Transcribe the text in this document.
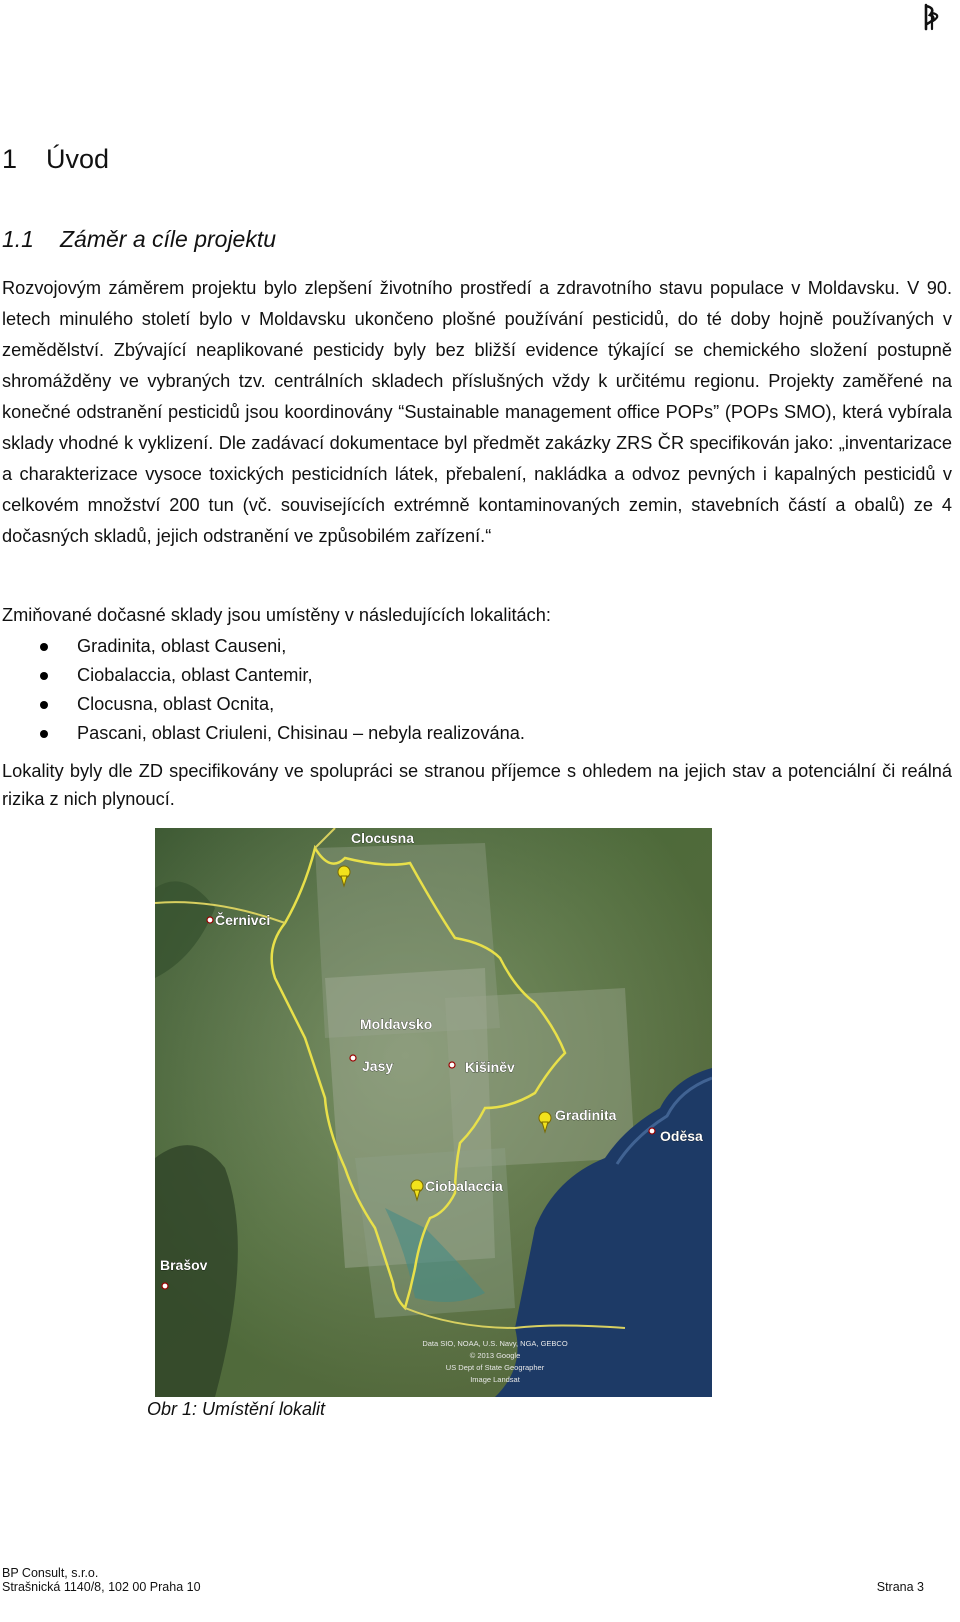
1 Úvod
1.1 Záměr a cíle projektu

Rozvojovým záměrem projektu bylo zlepšení životního prostředí a zdravotního stavu populace v Moldavsku. V 90. letech minulého století bylo v Moldavsku ukončeno plošné používání pesticidů, do té doby hojně používaných v zemědělství. Zbývající neaplikované pesticidy byly bez bližší evidence týkající se chemického složení postupně shromážděny ve vybraných tzv. centrálních skladech příslušných vždy k určitému regionu. Projekty zaměřené na konečné odstranění pesticidů jsou koordinovány “Sustainable management office POPs” (POPs SMO), která vybírala sklady vhodné k vyklizení. Dle zadávací dokumentace byl předmět zakázky ZRS ČR specifikován jako: „inventarizace a charakterizace vysoce toxických pesticidních látek, přebalení, nakládka a odvoz pevných i kapalných pesticidů v celkovém množství 200 tun (vč. souvisejících extrémně kontaminovaných zemin, stavebních částí a obalů) ze 4 dočasných skladů, jejich odstranění ve způsobilém zařízení.“

Zmiňované dočasné sklady jsou umístěny v následujících lokalitách:

Gradinita, oblast Causeni,
Ciobalaccia, oblast Cantemir,
Clocusna, oblast Ocnita,
Pascani, oblast Criuleni, Chisinau – nebyla realizována.

Lokality byly dle ZD specifikovány ve spolupráci se stranou příjemce s ohledem na jejich stav a potenciální či reálná rizika z nich plynoucí.

Clocusna
Černivci
Moldavsko
Jasy	Kišiněv
Gradinita
Oděsa
Ciobalaccia
Brašov
Data SIO, NOAA, U.S. Navy, NGA, GEBCO
© 2013 Google
US Dept of State Geographer
Image Landsat

Obr 1: Umístění lokalit

BP Consult, s.r.o.
Strašnická 1140/8, 102 00 Praha 10	Strana 3
